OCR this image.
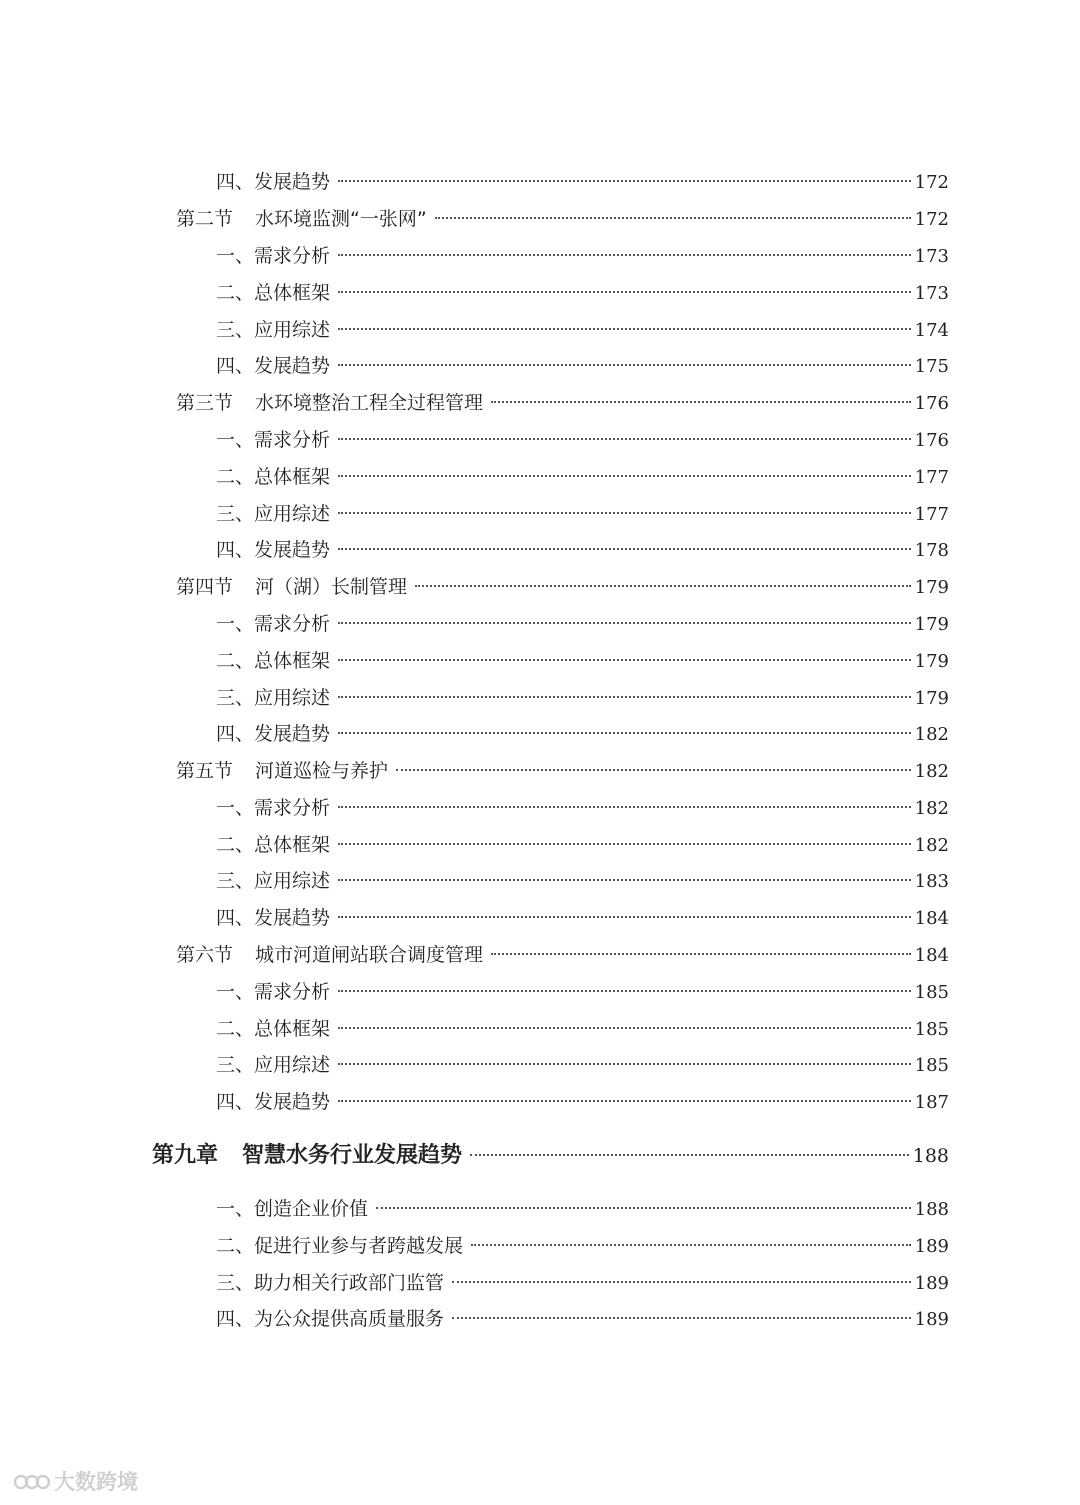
四、发展趋势	172
第二节 水环境监测“一张网”	172
一、需求分析	173
二、总体框架	173
三、应用综述	174
四、发展趋势	175
第三节 水环境整治工程全过程管理	176
一、需求分析	176
二、总体框架	177
三、应用综述	177
四、发展趋势	178
第四节 河（湖）长制管理	179
一、需求分析	179
二、总体框架	179
三、应用综述	179
四、发展趋势	182
第五节 河道巡检与养护	182
一、需求分析	182
二、总体框架	182
三、应用综述	183
四、发展趋势	184
第六节 城市河道闸站联合调度管理	184
一、需求分析	185
二、总体框架	185
三、应用综述	185
四、发展趋势	187
第九章 智慧水务行业发展趋势	188
一、创造企业价值	188
二、促进行业参与者跨越发展	189
三、助力相关行政部门监管	189
四、为公众提供高质量服务	189
大数跨境
